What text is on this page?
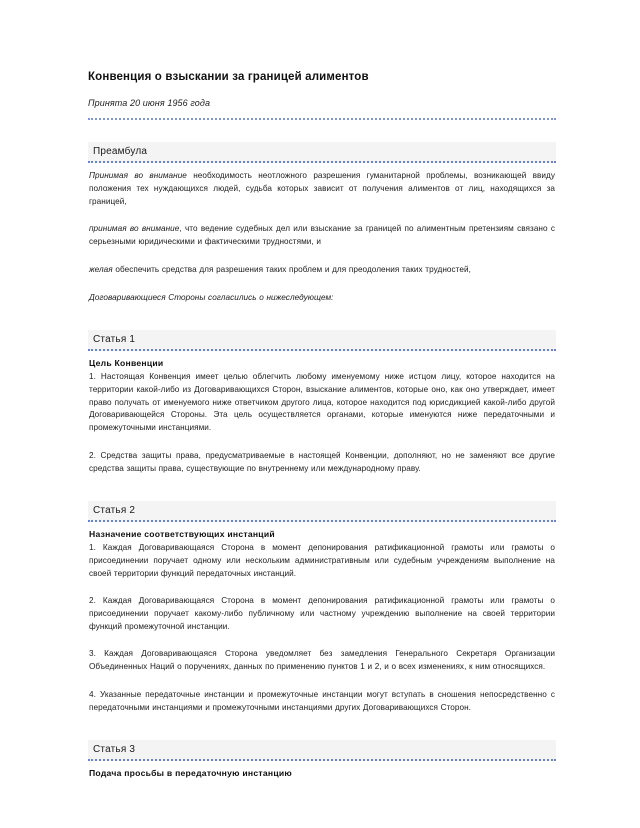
Конвенция о взыскании за границей алиментов
Принята 20 июня 1956 года
Преамбула

Принимая во внимание необходимость неотложного разрешения гуманитарной проблемы, возникающей ввиду положения тех нуждающихся людей, судьба которых зависит от получения алиментов от лиц, находящихся за границей,

принимая во внимание, что ведение судебных дел или взыскание за границей по алиментным претензиям связано с серьезными юридическими и фактическими трудностями, и

желая обеспечить средства для разрешения таких проблем и для преодоления таких трудностей,

Договаривающиеся Стороны согласились о нижеследующем:

Статья 1
Цель Конвенции

1. Настоящая Конвенция имеет целью облегчить любому именуемому ниже истцом лицу, которое находится на территории какой-либо из Договаривающихся Сторон, взыскание алиментов, которые оно, как оно утверждает, имеет право получать от именуемого ниже ответчиком другого лица, которое находится под юрисдикцией какой-либо другой Договаривающейся Стороны. Эта цель осуществляется органами, которые именуются ниже передаточными и промежуточными инстанциями.

2. Средства защиты права, предусматриваемые в настоящей Конвенции, дополняют, но не заменяют все другие средства защиты права, существующие по внутреннему или международному праву.

Статья 2
Назначение соответствующих инстанций

1. Каждая Договаривающаяся Сторона в момент депонирования ратификационной грамоты или грамоты о присоединении поручает одному или нескольким административным или судебным учреждениям выполнение на своей территории функций передаточных инстанций.

2. Каждая Договаривающаяся Сторона в момент депонирования ратификационной грамоты или грамоты о присоединении поручает какому-либо публичному или частному учреждению выполнение на своей территории функций промежуточной инстанции.

3. Каждая Договаривающаяся Сторона уведомляет без замедления Генерального Секретаря Организации Объединенных Наций о поручениях, данных по применению пунктов 1 и 2, и о всех изменениях, к ним относящихся.

4. Указанные передаточные инстанции и промежуточные инстанции могут вступать в сношения непосредственно с передаточными инстанциями и промежуточными инстанциями других Договаривающихся Сторон.

Статья 3
Подача просьбы в передаточную инстанцию
